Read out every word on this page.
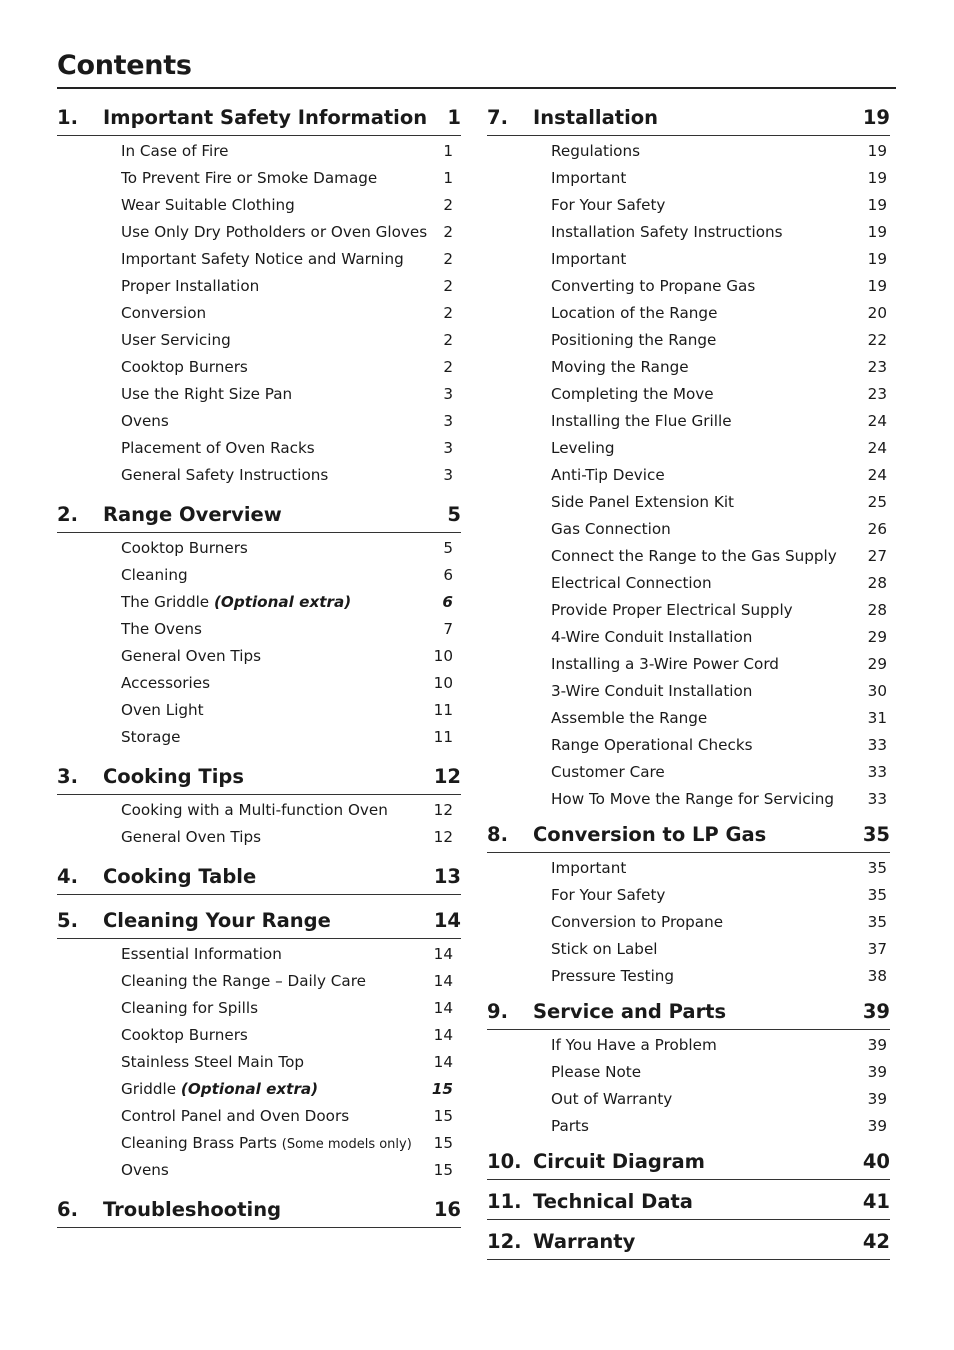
Contents
1.	Important Safety Information	1
In Case of Fire	1
To Prevent Fire or Smoke Damage	1
Wear Suitable Clothing	2
Use Only Dry Potholders or Oven Gloves	2
Important Safety Notice and Warning	2
Proper Installation	2
Conversion	2
User Servicing	2
Cooktop Burners	2
Use the Right Size Pan	3
Ovens	3
Placement of Oven Racks	3
General Safety Instructions	3
2.	Range Overview	5
Cooktop Burners	5
Cleaning	6
The Griddle (Optional extra)	6
The Ovens	7
General Oven Tips	10
Accessories	10
Oven Light	11
Storage	11
3.	Cooking Tips	12
Cooking with a Multi-function Oven	12
General Oven Tips	12
4.	Cooking Table	13
5.	Cleaning Your Range	14
Essential Information	14
Cleaning the Range – Daily Care	14
Cleaning for Spills	14
Cooktop Burners	14
Stainless Steel Main Top	14
Griddle (Optional extra)	15
Control Panel and Oven Doors	15
Cleaning Brass Parts (Some models only)	15
Ovens	15
6.	Troubleshooting	16
7.	Installation	19
Regulations	19
Important	19
For Your Safety	19
Installation Safety Instructions	19
Important	19
Converting to Propane Gas	19
Location of the Range	20
Positioning the Range	22
Moving the Range	23
Completing the Move	23
Installing the Flue Grille	24
Leveling	24
Anti-Tip Device	24
Side Panel Extension Kit	25
Gas Connection	26
Connect the Range to the Gas Supply	27
Electrical Connection	28
Provide Proper Electrical Supply	28
4-Wire Conduit Installation	29
Installing a 3-Wire Power Cord	29
3-Wire Conduit Installation	30
Assemble the Range	31
Range Operational Checks	33
Customer Care	33
How To Move the Range for Servicing	33
8.	Conversion to LP Gas	35
Important	35
For Your Safety	35
Conversion to Propane	35
Stick on Label	37
Pressure Testing	38
9.	Service and Parts	39
If You Have a Problem	39
Please Note	39
Out of Warranty	39
Parts	39
10. Circuit Diagram	40
11. Technical Data	41
12. Warranty	42
